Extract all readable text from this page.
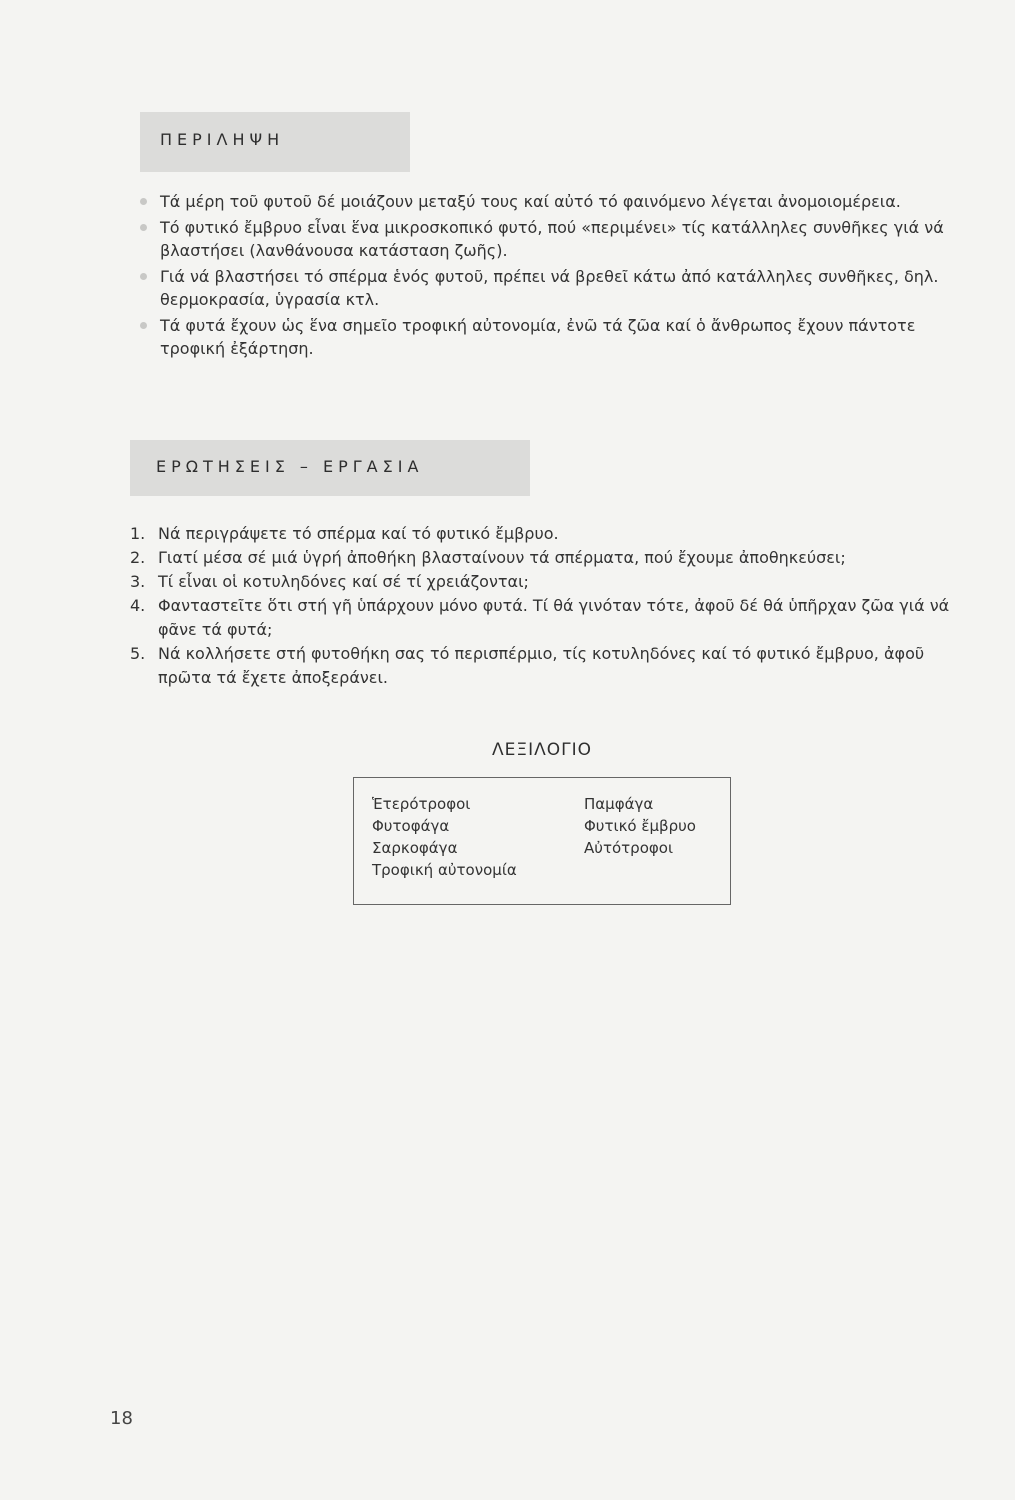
ΠΕΡΙΛΗΨΗ
Τά μέρη τοῦ φυτοῦ δέ μοιάζουν μεταξύ τους καί αὐτό τό φαινόμενο λέγεται ἀνομοιομέρεια.
Τό φυτικό ἔμβρυο εἶναι ἕνα μικροσκοπικό φυτό, πού «περιμένει» τίς κατάλληλες συνθῆκες γιά νά βλαστήσει (λανθάνουσα κατάσταση ζωῆς).
Γιά νά βλαστήσει τό σπέρμα ἑνός φυτοῦ, πρέπει νά βρεθεῖ κάτω ἀπό κατάλληλες συνθῆκες, δηλ. θερμοκρασία, ὑγρασία κτλ.
Τά φυτά ἔχουν ὡς ἕνα σημεῖο τροφική αὐτονομία, ἐνῶ τά ζῶα καί ὁ ἄνθρωπος ἔχουν πάντοτε τροφική ἐξάρτηση.
ΕΡΩΤΗΣΕΙΣ – ΕΡΓΑΣΙΑ
1. Νά περιγράψετε τό σπέρμα καί τό φυτικό ἔμβρυο.
2. Γιατί μέσα σέ μιά ὑγρή ἀποθήκη βλασταίνουν τά σπέρματα, πού ἔχουμε ἀποθηκεύσει;
3. Τί εἶναι οἱ κοτυληδόνες καί σέ τί χρειάζονται;
4. Φανταστεῖτε ὅτι στή γῆ ὑπάρχουν μόνο φυτά. Τί θά γινόταν τότε, ἀφοῦ δέ θά ὑπῆρχαν ζῶα γιά νά φᾶνε τά φυτά;
5. Νά κολλήσετε στή φυτοθήκη σας τό περισπέρμιο, τίς κοτυληδόνες καί τό φυτικό ἔμβρυο, ἀφοῦ πρῶτα τά ἔχετε ἀποξεράνει.
ΛΕΞΙΛΟΓΙΟ
Ἑτερότροφοι
Φυτοφάγα
Σαρκοφάγα
Τροφική αὐτονομία
Παμφάγα
Φυτικό ἔμβρυο
Αὐτότροφοι
18
